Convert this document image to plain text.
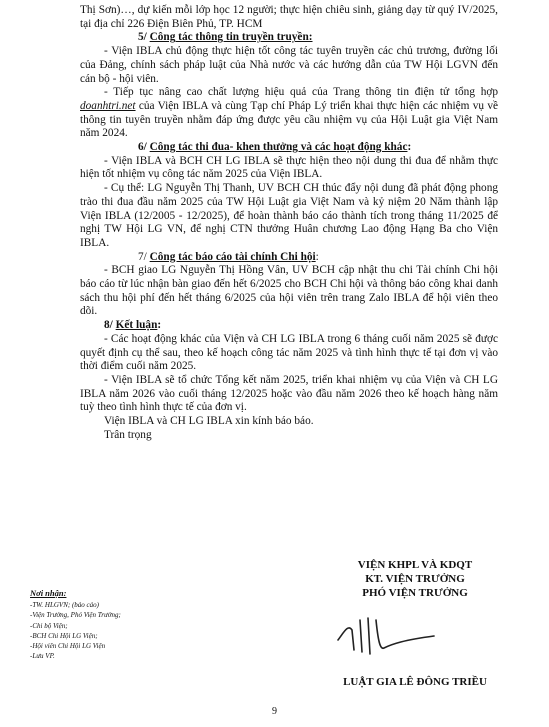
Thị Sơn)…, dự kiến mỗi lớp học 12 người; thực hiện chiêu sinh, giảng dạy từ quý IV/2025, tại địa chỉ 226 Điện Biên Phủ, TP. HCM

5/ Công tác thông tin truyền truyền:

- Viện IBLA chủ động thực hiện tốt công tác tuyên truyền các chủ trương, đường lối của Đảng, chính sách pháp luật của Nhà nước và các hướng dẫn của TW Hội LGVN đến cán bộ - hội viên.

- Tiếp tục nâng cao chất lượng hiệu quả của Trang thông tin điện tử tổng hợp doanhtri.net của Viện IBLA và cùng Tạp chí Pháp Lý triển khai thực hiện các nhiệm vụ về thông tin tuyên truyền nhằm đáp ứng được yêu cầu nhiệm vụ của Hội Luật gia Việt Nam năm 2024.

6/ Công tác thi đua- khen thưởng và các hoạt động khác:

- Viện IBLA và BCH CH LG IBLA sẽ thực hiện theo nội dung thi đua để nhằm thực hiện tốt nhiệm vụ công tác năm 2025 của Viện IBLA.

- Cụ thể: LG Nguyễn Thị Thanh, UV BCH CH thúc đẩy nội dung đã phát động phong trào thi đua đầu năm 2025 của TW Hội Luật gia Việt Nam và kỷ niệm 20 Năm thành lập Viện IBLA (12/2005 - 12/2025), để hoàn thành báo cáo thành tích trong tháng 11/2025 để nghị TW Hội LG VN, để nghị CTN thưởng Huân chương Lao động Hạng Ba cho Viện IBLA.

7/ Công tác báo cáo tài chính Chi hội:

- BCH giao LG Nguyễn Thị Hồng Vân, UV BCH cập nhật thu chi Tài chính Chi hội báo cáo từ lúc nhận bàn giao đến hết 6/2025 cho BCH Chi hội và thông báo công khai danh sách thu hội phí đến hết tháng 6/2025 của hội viên trên trang Zalo IBLA để hội viên theo dõi.

8/ Kết luận:

- Các hoạt động khác của Viện và CH LG IBLA trong 6 tháng cuối năm 2025 sẽ được quyết định cụ thể sau, theo kế hoạch công tác năm 2025 và tình hình thực tế tại đơn vị vào thời điểm cuối năm 2025.

- Viện IBLA sẽ tổ chức Tổng kết năm 2025, triển khai nhiệm vụ của Viện và CH LG IBLA năm 2026 vào cuối tháng 12/2025 hoặc vào đầu năm 2026 theo kế hoạch hàng năm tuỳ theo tình hình thực tế của đơn vị.

Viện IBLA và CH LG IBLA xin kính báo báo.

Trân trọng

VIỆN KHPL VÀ KDQT
KT. VIỆN TRƯỞNG
PHÓ VIỆN TRƯỞNG
LUẬT GIA LÊ ĐÔNG TRIỀU
Nơi nhận:
-TW. HLGVN; (báo cáo)
-Viện Trưởng, Phó Viện Trưởng;
-Chi bộ Viện;
-BCH Chi Hội LG Viện;
-Hội viên Chi Hội LG Viện
-Lưu VP.
9
